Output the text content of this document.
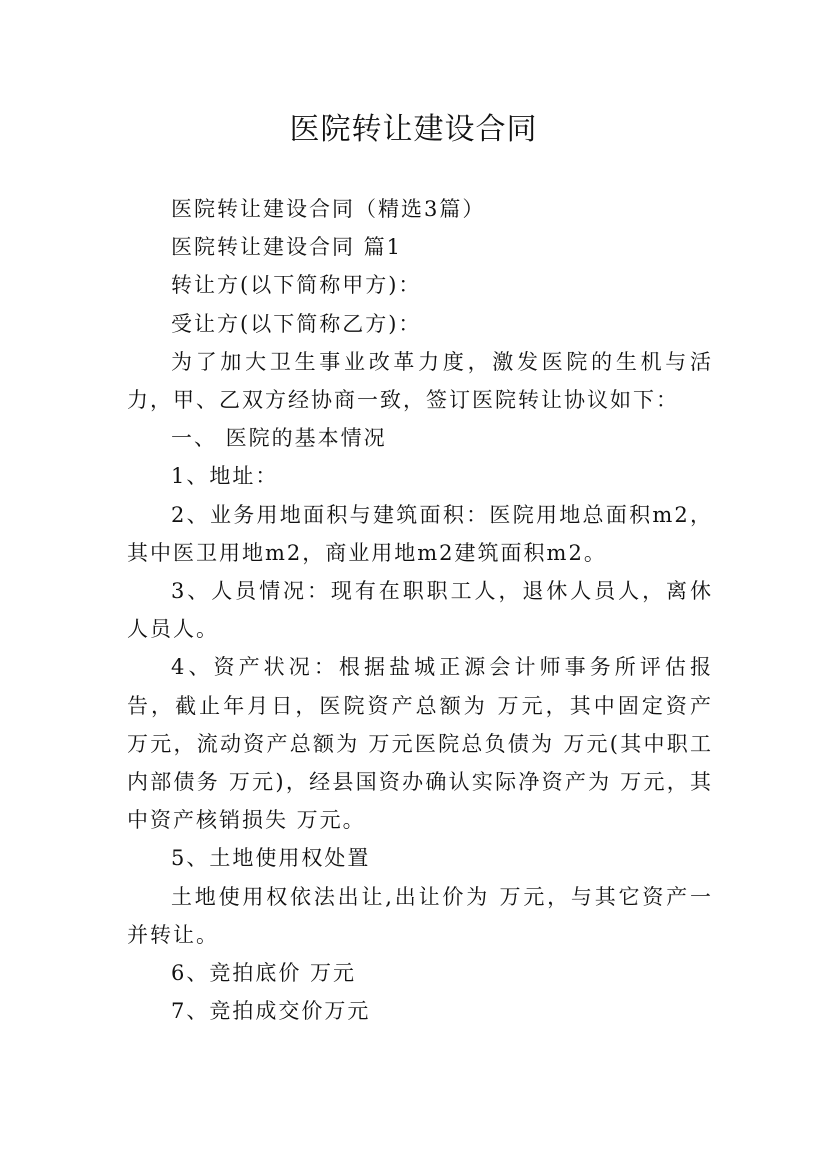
医院转让建设合同

医院转让建设合同（精选3篇）

医院转让建设合同 篇1

转让方(以下简称甲方)：

受让方(以下简称乙方)：

为了加大卫生事业改革力度，激发医院的生机与活力，甲、乙双方经协商一致，签订医院转让协议如下：

一、 医院的基本情况

1、地址：

2、业务用地面积与建筑面积：医院用地总面积m2，其中医卫用地m2，商业用地m2建筑面积m2。

3、人员情况：现有在职职工人，退休人员人，离休人员人。

4、资产状况：根据盐城正源会计师事务所评估报告，截止年月日，医院资产总额为 万元，其中固定资产 万元，流动资产总额为 万元医院总负债为 万元(其中职工内部债务 万元)，经县国资办确认实际净资产为 万元，其中资产核销损失 万元。

5、土地使用权处置

土地使用权依法出让,出让价为 万元，与其它资产一并转让。

6、竞拍底价 万元

7、竞拍成交价万元
